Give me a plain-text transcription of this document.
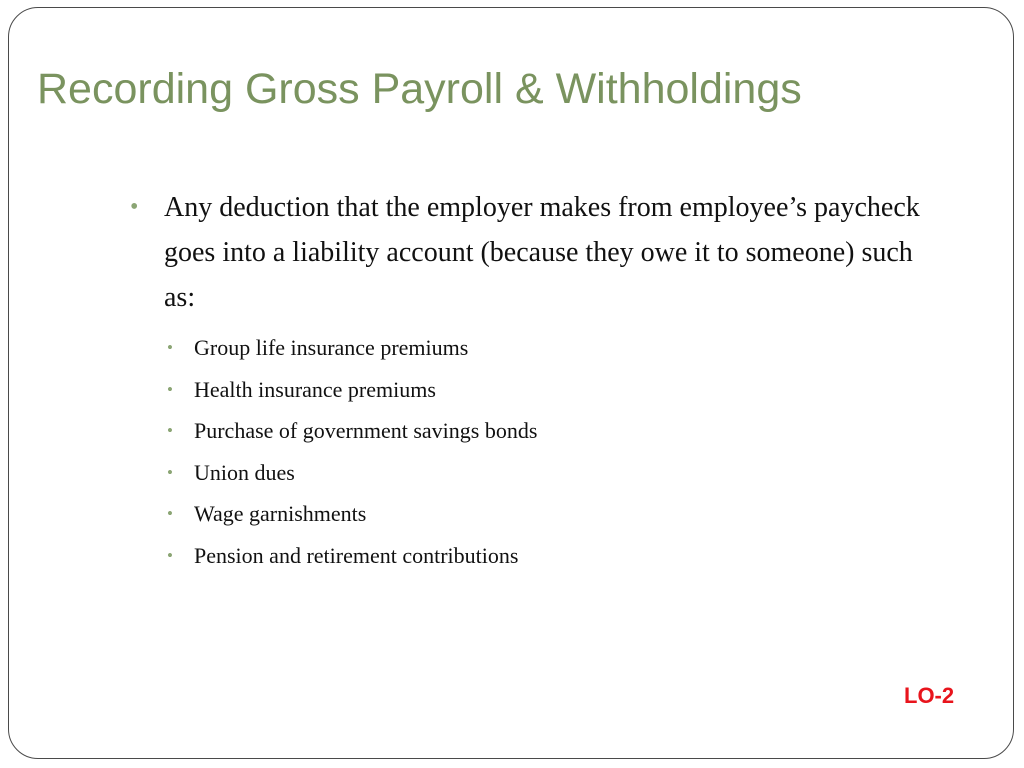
Recording Gross Payroll & Withholdings
• Any deduction that the employer makes from employee’s paycheck goes into a liability account (because they owe it to someone) such as:
• Group life insurance premiums
• Health insurance premiums
• Purchase of government savings bonds
• Union dues
• Wage garnishments
• Pension and retirement contributions
LO-2
